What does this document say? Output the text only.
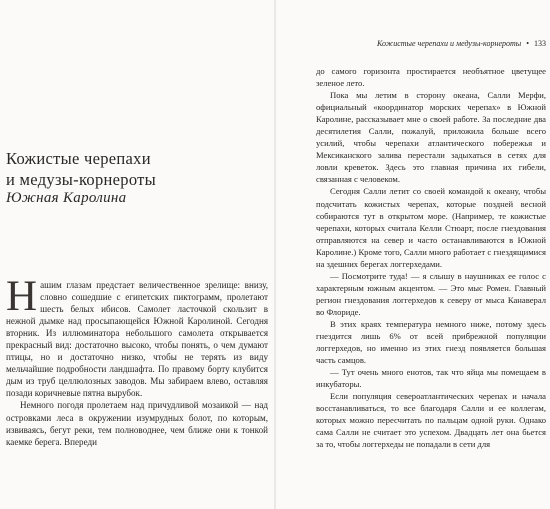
Кожистые черепахи
и медузы-корнероты

Южная Каролина

Нашим глазам предстает величественное зрелище: внизу, словно сошедшие с египетских пиктограмм, пролетают шесть белых ибисов. Самолет ласточкой скользит в нежной дымке над просыпающейся Южной Каролиной. Сегодня вторник. Из иллюминатора небольшого самолета открывается прекрасный вид: достаточно высоко, чтобы понять, о чем думают птицы, но и достаточно низко, чтобы не терять из виду мельчайшие подробности ландшафта. По правому борту клубится дым из труб целлюлозных заводов. Мы забираем влево, оставляя позади коричневые пятна вырубок.

Немного погодя пролетаем над причудливой мозаикой — над островками леса в окружении изумрудных болот, по которым, извиваясь, бегут реки, тем полноводнее, чем ближе они к тонкой каемке берега. Впереди

Кожистые черепахи и медузы-корнероты • 133

до самого горизонта простирается необъятное цветущее зеленое лето.

Пока мы летим в сторону океана, Салли Мерфи, официальный «координатор морских черепах» в Южной Каролине, рассказывает мне о своей работе. За последние два десятилетия Салли, пожалуй, приложила больше всего усилий, чтобы черепахи атлантического побережья и Мексиканского залива перестали задыхаться в сетях для ловли креветок. Здесь это главная причина их гибели, связанная с человеком.

Сегодня Салли летит со своей командой к океану, чтобы подсчитать кожистых черепах, которые поздней весной собираются тут в открытом море. (Например, те кожистые черепахи, которых считала Келли Стюарт, после гнездования отправляются на север и часто останавливаются в Южной Каролине.) Кроме того, Салли много работает с гнездящимися на здешних берегах логгерхедами.

— Посмотрите туда! — я слышу в наушниках ее голос с характерным южным акцентом. — Это мыс Ромен. Главный регион гнездования логгерхедов к северу от мыса Канаверал во Флориде.

В этих краях температура немного ниже, потому здесь гнездится лишь 6% от всей прибрежной популяции логгерхедов, но именно из этих гнезд появляется большая часть самцов.

— Тут очень много енотов, так что яйца мы помещаем в инкубаторы.

Если популяция североатлантических черепах и начала восстанавливаться, то все благодаря Салли и ее коллегам, которых можно пересчитать по пальцам одной руки. Однако сама Салли не считает это успехом. Двадцать лет она бьется за то, чтобы логгерхеды не попадали в сети для
